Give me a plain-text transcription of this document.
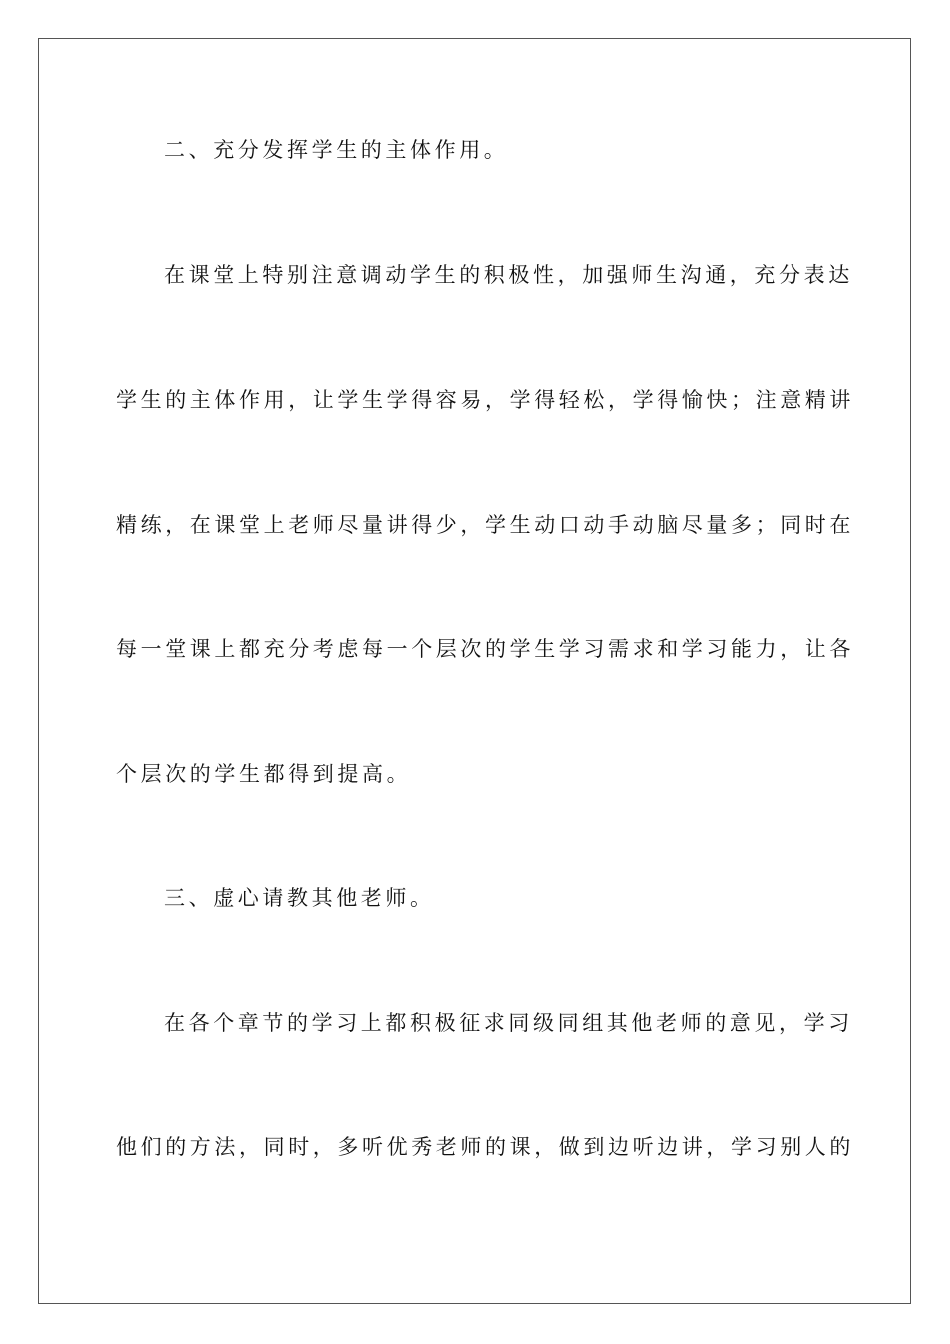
二、充分发挥学生的主体作用。
在课堂上特别注意调动学生的积极性，加强师生沟通，充分表达
学生的主体作用，让学生学得容易，学得轻松，学得愉快；注意精讲
精练，在课堂上老师尽量讲得少，学生动口动手动脑尽量多；同时在
每一堂课上都充分考虑每一个层次的学生学习需求和学习能力，让各
个层次的学生都得到提高。
三、虚心请教其他老师。
在各个章节的学习上都积极征求同级同组其他老师的意见，学习
他们的方法，同时，多听优秀老师的课，做到边听边讲，学习别人的
